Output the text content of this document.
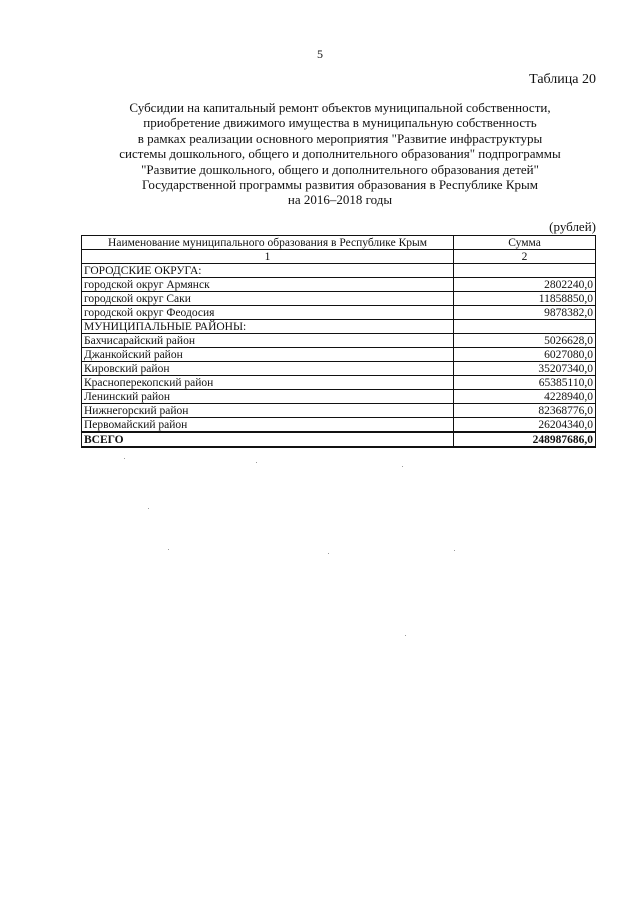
5
Таблица 20
Субсидии на капитальный ремонт объектов муниципальной собственности,
приобретение движимого имущества в муниципальную собственность
в рамках реализации основного мероприятия "Развитие инфраструктуры
системы дошкольного, общего и дополнительного образования" подпрограммы
"Развитие дошкольного, общего и дополнительного образования детей"
Государственной программы развития образования в Республике Крым
на 2016–2018 годы
(рублей)
Наименование муниципального образования в Республике Крым	Сумма
1	2
ГОРОДСКИЕ ОКРУГА:	
городской округ Армянск	2802240,0
городской округ Саки	11858850,0
городской округ Феодосия	9878382,0
МУНИЦИПАЛЬНЫЕ РАЙОНЫ:	
Бахчисарайский район	5026628,0
Джанкойский район	6027080,0
Кировский район	35207340,0
Красноперекопский район	65385110,0
Ленинский район	4228940,0
Нижнегорский район	82368776,0
Первомайский район	26204340,0
ВСЕГО	248987686,0
